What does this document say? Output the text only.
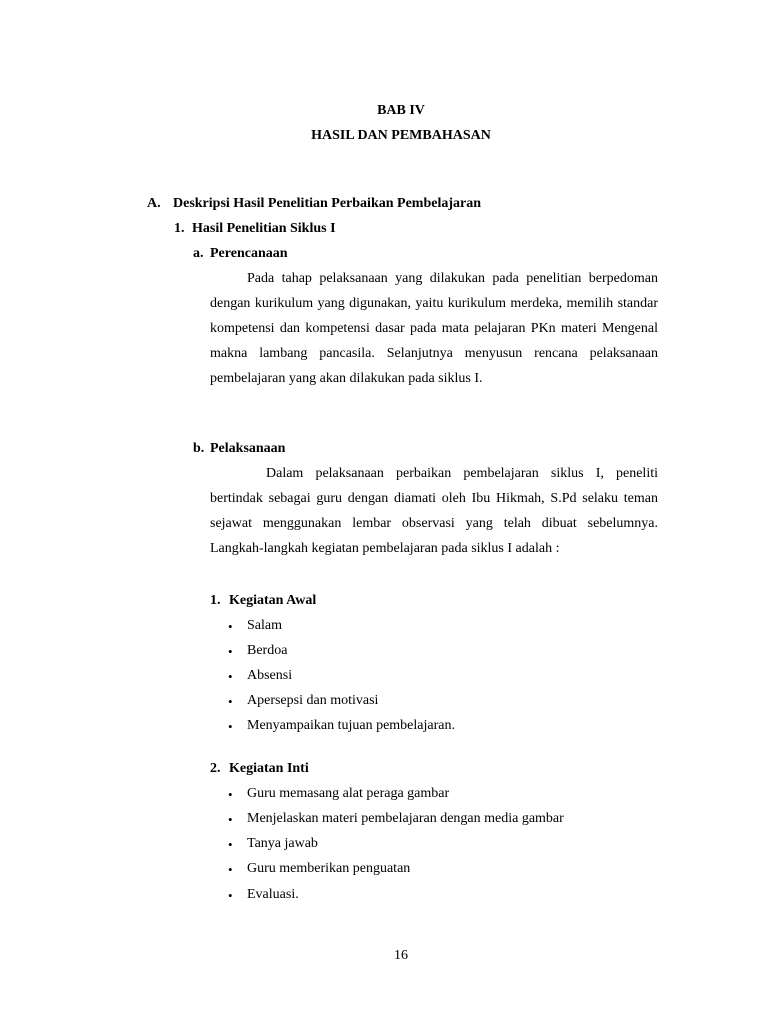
BAB IV
HASIL DAN PEMBAHASAN
A. Deskripsi Hasil Penelitian Perbaikan Pembelajaran
1. Hasil Penelitian Siklus I
a. Perencanaan
Pada tahap pelaksanaan yang dilakukan pada penelitian berpedoman dengan kurikulum yang digunakan, yaitu kurikulum merdeka, memilih standar kompetensi dan kompetensi dasar pada mata pelajaran PKn materi Mengenal makna lambang pancasila. Selanjutnya menyusun rencana pelaksanaan pembelajaran yang akan dilakukan pada siklus I.
b. Pelaksanaan
Dalam pelaksanaan perbaikan pembelajaran siklus I, peneliti bertindak sebagai guru dengan diamati oleh Ibu Hikmah, S.Pd selaku teman sejawat menggunakan lembar observasi yang telah dibuat sebelumnya. Langkah-langkah kegiatan pembelajaran pada siklus I adalah :
1. Kegiatan Awal
• Salam
• Berdoa
• Absensi
• Apersepsi dan motivasi
• Menyampaikan tujuan pembelajaran.
2. Kegiatan Inti
• Guru memasang alat peraga gambar
• Menjelaskan materi pembelajaran dengan media gambar
• Tanya jawab
• Guru memberikan penguatan
• Evaluasi.
16
